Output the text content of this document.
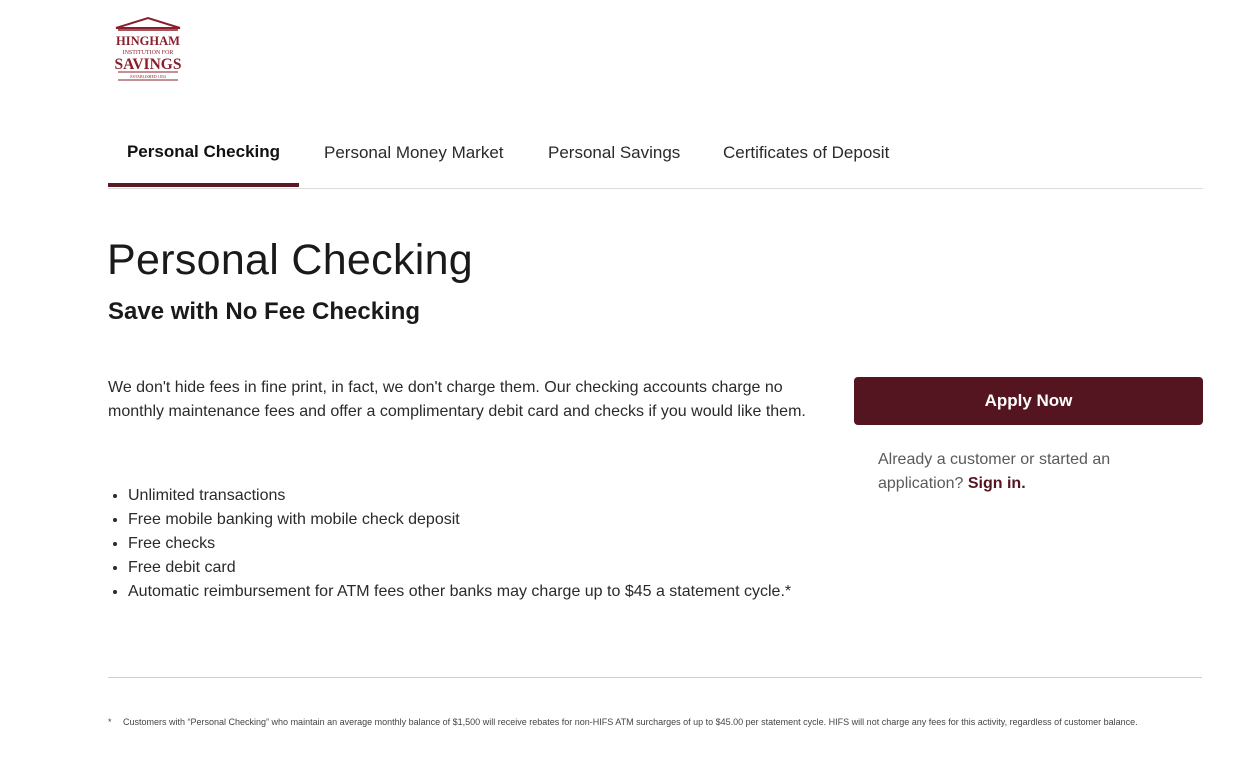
HINGHAM
INSTITUTION FOR
SAVINGS
ESTABLISHED 1834
Personal Checking	Personal Money Market	Personal Savings	Certificates of Deposit
Personal Checking
Save with No Fee Checking

We don't hide fees in fine print, in fact, we don't charge them. Our checking accounts charge no monthly maintenance fees and offer a complimentary debit card and checks if you would like them.

• Unlimited transactions
• Free mobile banking with mobile check deposit
• Free checks
• Free debit card
• Automatic reimbursement for ATM fees other banks may charge up to $45 a statement cycle.*
Apply Now

Already a customer or started an application? Sign in.

* Customers with “Personal Checking” who maintain an average monthly balance of $1,500 will receive rebates for non-HIFS ATM surcharges of up to $45.00 per statement cycle. HIFS will not charge any fees for this activity, regardless of customer balance.
